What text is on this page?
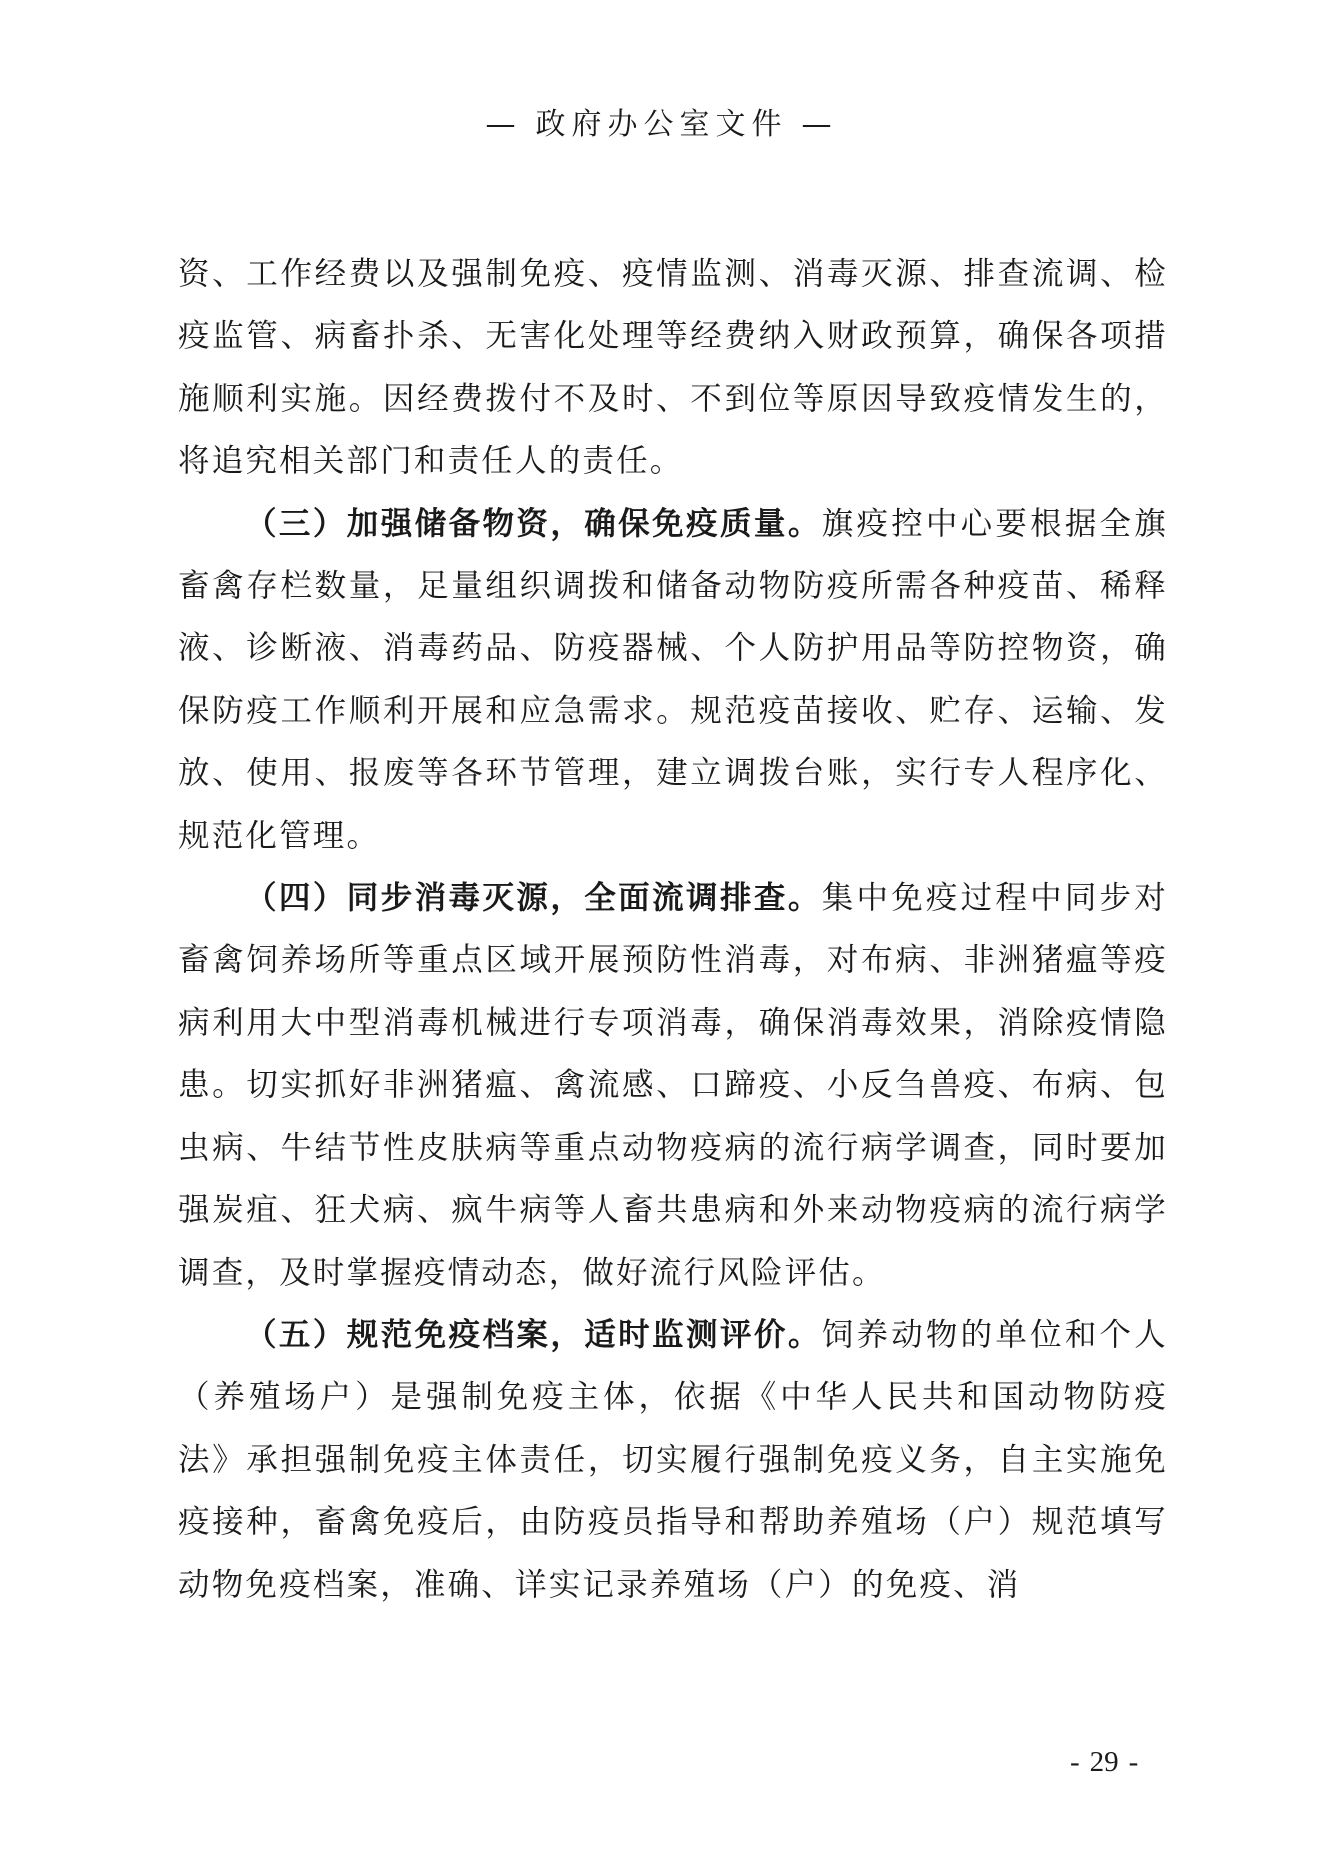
— 政府办公室文件 —

资、工作经费以及强制免疫、疫情监测、消毒灭源、排查流调、检疫监管、病畜扑杀、无害化处理等经费纳入财政预算，确保各项措施顺利实施。因经费拨付不及时、不到位等原因导致疫情发生的，将追究相关部门和责任人的责任。

（三）加强储备物资，确保免疫质量。旗疫控中心要根据全旗畜禽存栏数量，足量组织调拨和储备动物防疫所需各种疫苗、稀释液、诊断液、消毒药品、防疫器械、个人防护用品等防控物资，确保防疫工作顺利开展和应急需求。规范疫苗接收、贮存、运输、发放、使用、报废等各环节管理，建立调拨台账，实行专人程序化、规范化管理。

（四）同步消毒灭源，全面流调排查。集中免疫过程中同步对畜禽饲养场所等重点区域开展预防性消毒，对布病、非洲猪瘟等疫病利用大中型消毒机械进行专项消毒，确保消毒效果，消除疫情隐患。切实抓好非洲猪瘟、禽流感、口蹄疫、小反刍兽疫、布病、包虫病、牛结节性皮肤病等重点动物疫病的流行病学调查，同时要加强炭疽、狂犬病、疯牛病等人畜共患病和外来动物疫病的流行病学调查，及时掌握疫情动态，做好流行风险评估。

（五）规范免疫档案，适时监测评价。饲养动物的单位和个人（养殖场户）是强制免疫主体，依据《中华人民共和国动物防疫法》承担强制免疫主体责任，切实履行强制免疫义务，自主实施免疫接种，畜禽免疫后，由防疫员指导和帮助养殖场（户）规范填写动物免疫档案，准确、详实记录养殖场（户）的免疫、消

- 29 -
